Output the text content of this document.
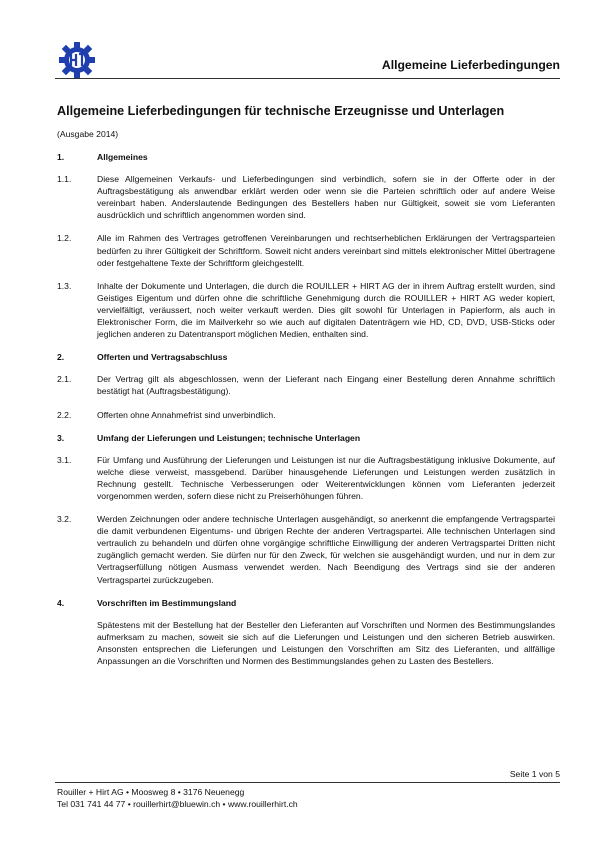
Allgemeine Lieferbedingungen
Allgemeine Lieferbedingungen für technische Erzeugnisse und Unterlagen
(Ausgabe 2014)
1.	Allgemeines
1.1.	Diese Allgemeinen Verkaufs- und Lieferbedingungen sind verbindlich, sofern sie in der Offerte oder in der Auftragsbestätigung als anwendbar erklärt werden oder wenn sie die Parteien schriftlich oder auf andere Weise vereinbart haben. Anderslautende Bedingungen des Bestellers haben nur Gültigkeit, soweit sie vom Lieferanten ausdrücklich und schriftlich angenommen worden sind.
1.2.	Alle im Rahmen des Vertrages getroffenen Vereinbarungen und rechtserheblichen Erklärungen der Vertragsparteien bedürfen zu ihrer Gültigkeit der Schriftform. Soweit nicht anders vereinbart sind mittels elektronischer Mittel übertragene oder festgehaltene Texte der Schriftform gleichgestellt.
1.3.	Inhalte der Dokumente und Unterlagen, die durch die ROUILLER + HIRT AG der in ihrem Auftrag erstellt wurden, sind Geistiges Eigentum und dürfen ohne die schriftliche Genehmigung durch die ROUILLER + HIRT AG weder kopiert, vervielfältigt, veräussert, noch weiter verkauft werden. Dies gilt sowohl für Unterlagen in Papierform, als auch in Elektronischer Form, die im Mailverkehr so wie auch auf digitalen Datenträgern wie HD, CD, DVD, USB-Sticks oder jeglichen anderen zu Datentransport möglichen Medien, enthalten sind.
2.	Offerten und Vertragsabschluss
2.1.	Der Vertrag gilt als abgeschlossen, wenn der Lieferant nach Eingang einer Bestellung deren Annahme schriftlich bestätigt hat (Auftragsbestätigung).
2.2.	Offerten ohne Annahmefrist sind unverbindlich.
3.	Umfang der Lieferungen und Leistungen; technische Unterlagen
3.1.	Für Umfang und Ausführung der Lieferungen und Leistungen ist nur die Auftragsbestätigung inklusive Dokumente, auf welche diese verweist, massgebend. Darüber hinausgehende Lieferungen und Leistungen werden zusätzlich in Rechnung gestellt. Technische Verbesserungen oder Weiterentwicklungen können vom Lieferanten jederzeit vorgenommen werden, sofern diese nicht zu Preiserhöhungen führen.
3.2.	Werden Zeichnungen oder andere technische Unterlagen ausgehändigt, so anerkennt die empfangende Vertragspartei die damit verbundenen Eigentums- und übrigen Rechte der anderen Vertragspartei. Alle technischen Unterlagen sind vertraulich zu behandeln und dürfen ohne vorgängige schriftliche Einwilligung der anderen Vertragspartei Dritten nicht zugänglich gemacht werden. Sie dürfen nur für den Zweck, für welchen sie ausgehändigt wurden, und nur in dem zur Vertragserfüllung nötigen Ausmass verwendet werden. Nach Beendigung des Vertrags sind sie der anderen Vertragspartei zurückzugeben.
4.	Vorschriften im Bestimmungsland
Spätestens mit der Bestellung hat der Besteller den Lieferanten auf Vorschriften und Normen des Bestimmungslandes aufmerksam zu machen, soweit sie sich auf die Lieferungen und Leistungen und den sicheren Betrieb auswirken. Ansonsten entsprechen die Lieferungen und Leistungen den Vorschriften am Sitz des Lieferanten, und allfällige Anpassungen an die Vorschriften und Normen des Bestimmungslandes gehen zu Lasten des Bestellers.
Seite 1 von 5
Rouiller + Hirt AG • Moosweg 8 • 3176 Neuenegg
Tel 031 741 44 77 • rouillerhirt@bluewin.ch • www.rouillerhirt.ch
